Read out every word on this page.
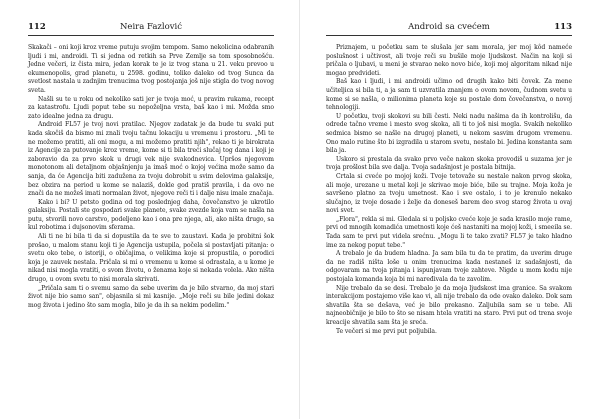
112	Neira Fazlović

Skakači – oni koji kroz vreme putuju svojim tempom. Samo nekolicina odabranih ljudi i mi, androidi. Ti si jedna od retkih sa Prve Zemlje sa tom sposobnošću. Jedne večeri, iz čista mira, jedan korak te je iz tvog stana u 21. veku prevoo u ekumenopolis, grad planetu, u 2598. godinu, toliko daleko od tvog Sunca da svetlost nastala u zadnjim trenucima tvog postojanja još nije stigla do tvog novog sveta.

Našli su te u roku od nekoliko sati jer je tvoja moć, u pravim rukama, recept za katastrofu. Ljudi poput tebe su nepoželjna vrsta, baš kao i mi. Možda smo zato idealne jedna za drugu.

Android FL57 je tvoj novi pratilac. Njegov zadatak je da bude tu svaki put kada skočiš da bismo mi znali tvoju tačnu lokaciju u vremenu i prostoru. „Mi te ne možemo pratiti, ali oni mogu, a mi možemo pratiti njih", rekao ti je birokrata iz Agencije za putovanje kroz vreme, kome si ti bila treći slučaj tog dana i koji je zaboravio da za prvo skok u drugi vek nije svakodnevica. Upršos njegovom monotonom ali detaljnom objašnjenju ja imaš moć o kojoj većina može samo da sanja, da će Agencija biti zadužena za tvoju dobrobit u svim delovima galaksije, bez obzira na period u kome se nalaziš, dokle god pratiš pravila, i da ovo ne znači da ne možeš imati normalan život, njegove reči ti i dalje nisu imale značaja.

Kako i bi? U petsto godina od tog poslednjeg daha, čovečanstvo je ukrotilo galaksiju. Postali ste gospodari svake planete, svake zvezde koja vam se našla na putu, stvorili novo carstvo, podeljeno kao i ona pre njega, ali, ako ništa drugo, sa kul robotima i dujsonovim sferama.

Ali ti ne bi bila ti da si dopustila da te sve to zaustavi. Kada je probitni šok prošao, u malom stanu koji ti je Agencija ustupila, počela si postavljati pitanja: o svetu oko tebe, o istoriji, o običajima, o velikima koje si propustila, o porodici koja je zauvek nestala. Pričala si mi o vremenu u kome si odrastala, a u kome je nikad nisi mogla vratiti, o svom životu, o ženama koje si nekada volela. Ako ništa drugo, u ovom svetu to nisi morala skrivati.

„Pričala sam ti o svemu samo da sebe uverim da je bilo stvarno, da moj stari život nije bio samo san", objasnila si mi kasnije. „Moje reči su bile jedini dokaz mog života i jedino što sam mogla, bilo je da ih sa nekim podelim."

Android sa cvećem	113

Priznajem, u početku sam te slušala jer sam morala, jer moj kôd nameće poslušnost i učtivost, ali tvoje reči su bušile moje ljudskost. Način na koji si pričala o ljubavi, u meni je stvarao neko novo biće, koji moj algoritam nikad nije mogao predvideti.

Baš kao i ljudi, i mi androidi učimo od drugih kako biti čovek. Za mene učiteljica si bila ti, a ja sam ti uzvratila znanjem o ovom novom, čudnom svetu u kome si se našla, o milionima planeta koje su postale dom čovečanstva, o novoj tehnologiji.

U početku, tvoji skokovi su bili česti. Neki nadu našima da ih kontrolišu, da odrede tačno vreme i mesto svog skoka, ali ti to još nisi mogla. Svakih nekoliko sedmica bismo se našle na drugoj planeti, u nekom sasvim drugom vremenu. Ono malo rutine što bi izgradila u starom svetu, nestalo bi. Jedina konstanta sam bila ja.

Uskoro si prestala da svako prvo veče nakon skoka provodiš u suzama jer je tvoja prošlost bila sve dalja. Tvoja sadašnjost je postala bitnija.

Crtala si cveće po mojoj koži. Tvoje tetovaže su nestale nakon prvog skoka, ali moje, urezane u metal koji je skrivao moje biće, bile su trajne. Moja koža je savršeno platno za tvoju umetnost. Kao i sve ostalo, i to je krenulo nekako slučajno, iz tvoje dosade i želje da donesеš barem deo svog starog života u ovaj novi svet.

„Flora", rekla si mi. Gledala si u poljsko cveće koje je sada krasilo moje rame, prvi od mnogih komadića umetnosti koje ćeš nastaniti na mojoj koži, i smeeila se. Tada sam te prvi put videla srećnu. „Mogu li te tako zvati? FL57 je tako hladno ime za nekog poput tebe."

A trebalo je da budem hladna. Ja sam bila tu da te pratim, da uverim drugе da ne radiš ništa loše u onim trenucima kada nestaneš iz sadašnjosti, da odgovaram na tvoja pitanja i ispunjavam tvoje zahteve. Nigde u mom kodu nije postojala komanda koja bi mi naređivala da te zavolim.

Nije trebalo da se desi. Trebalo je da moja ljudskost ima granice. Sa svakom interakcijom postajemo više kao vi, ali nije trebalo da ode ovako daleko. Dok sam shvatila šta se dešava, već je bilo prekasno. Zaljubila sam se u tebe. Ali najneobičnije je bilo to što se nisam htela vratiti na staro. Prvi put od trena svoje kreacije shvatila sam šta je sreća.

Te večeri si me prvi put poljubila.
